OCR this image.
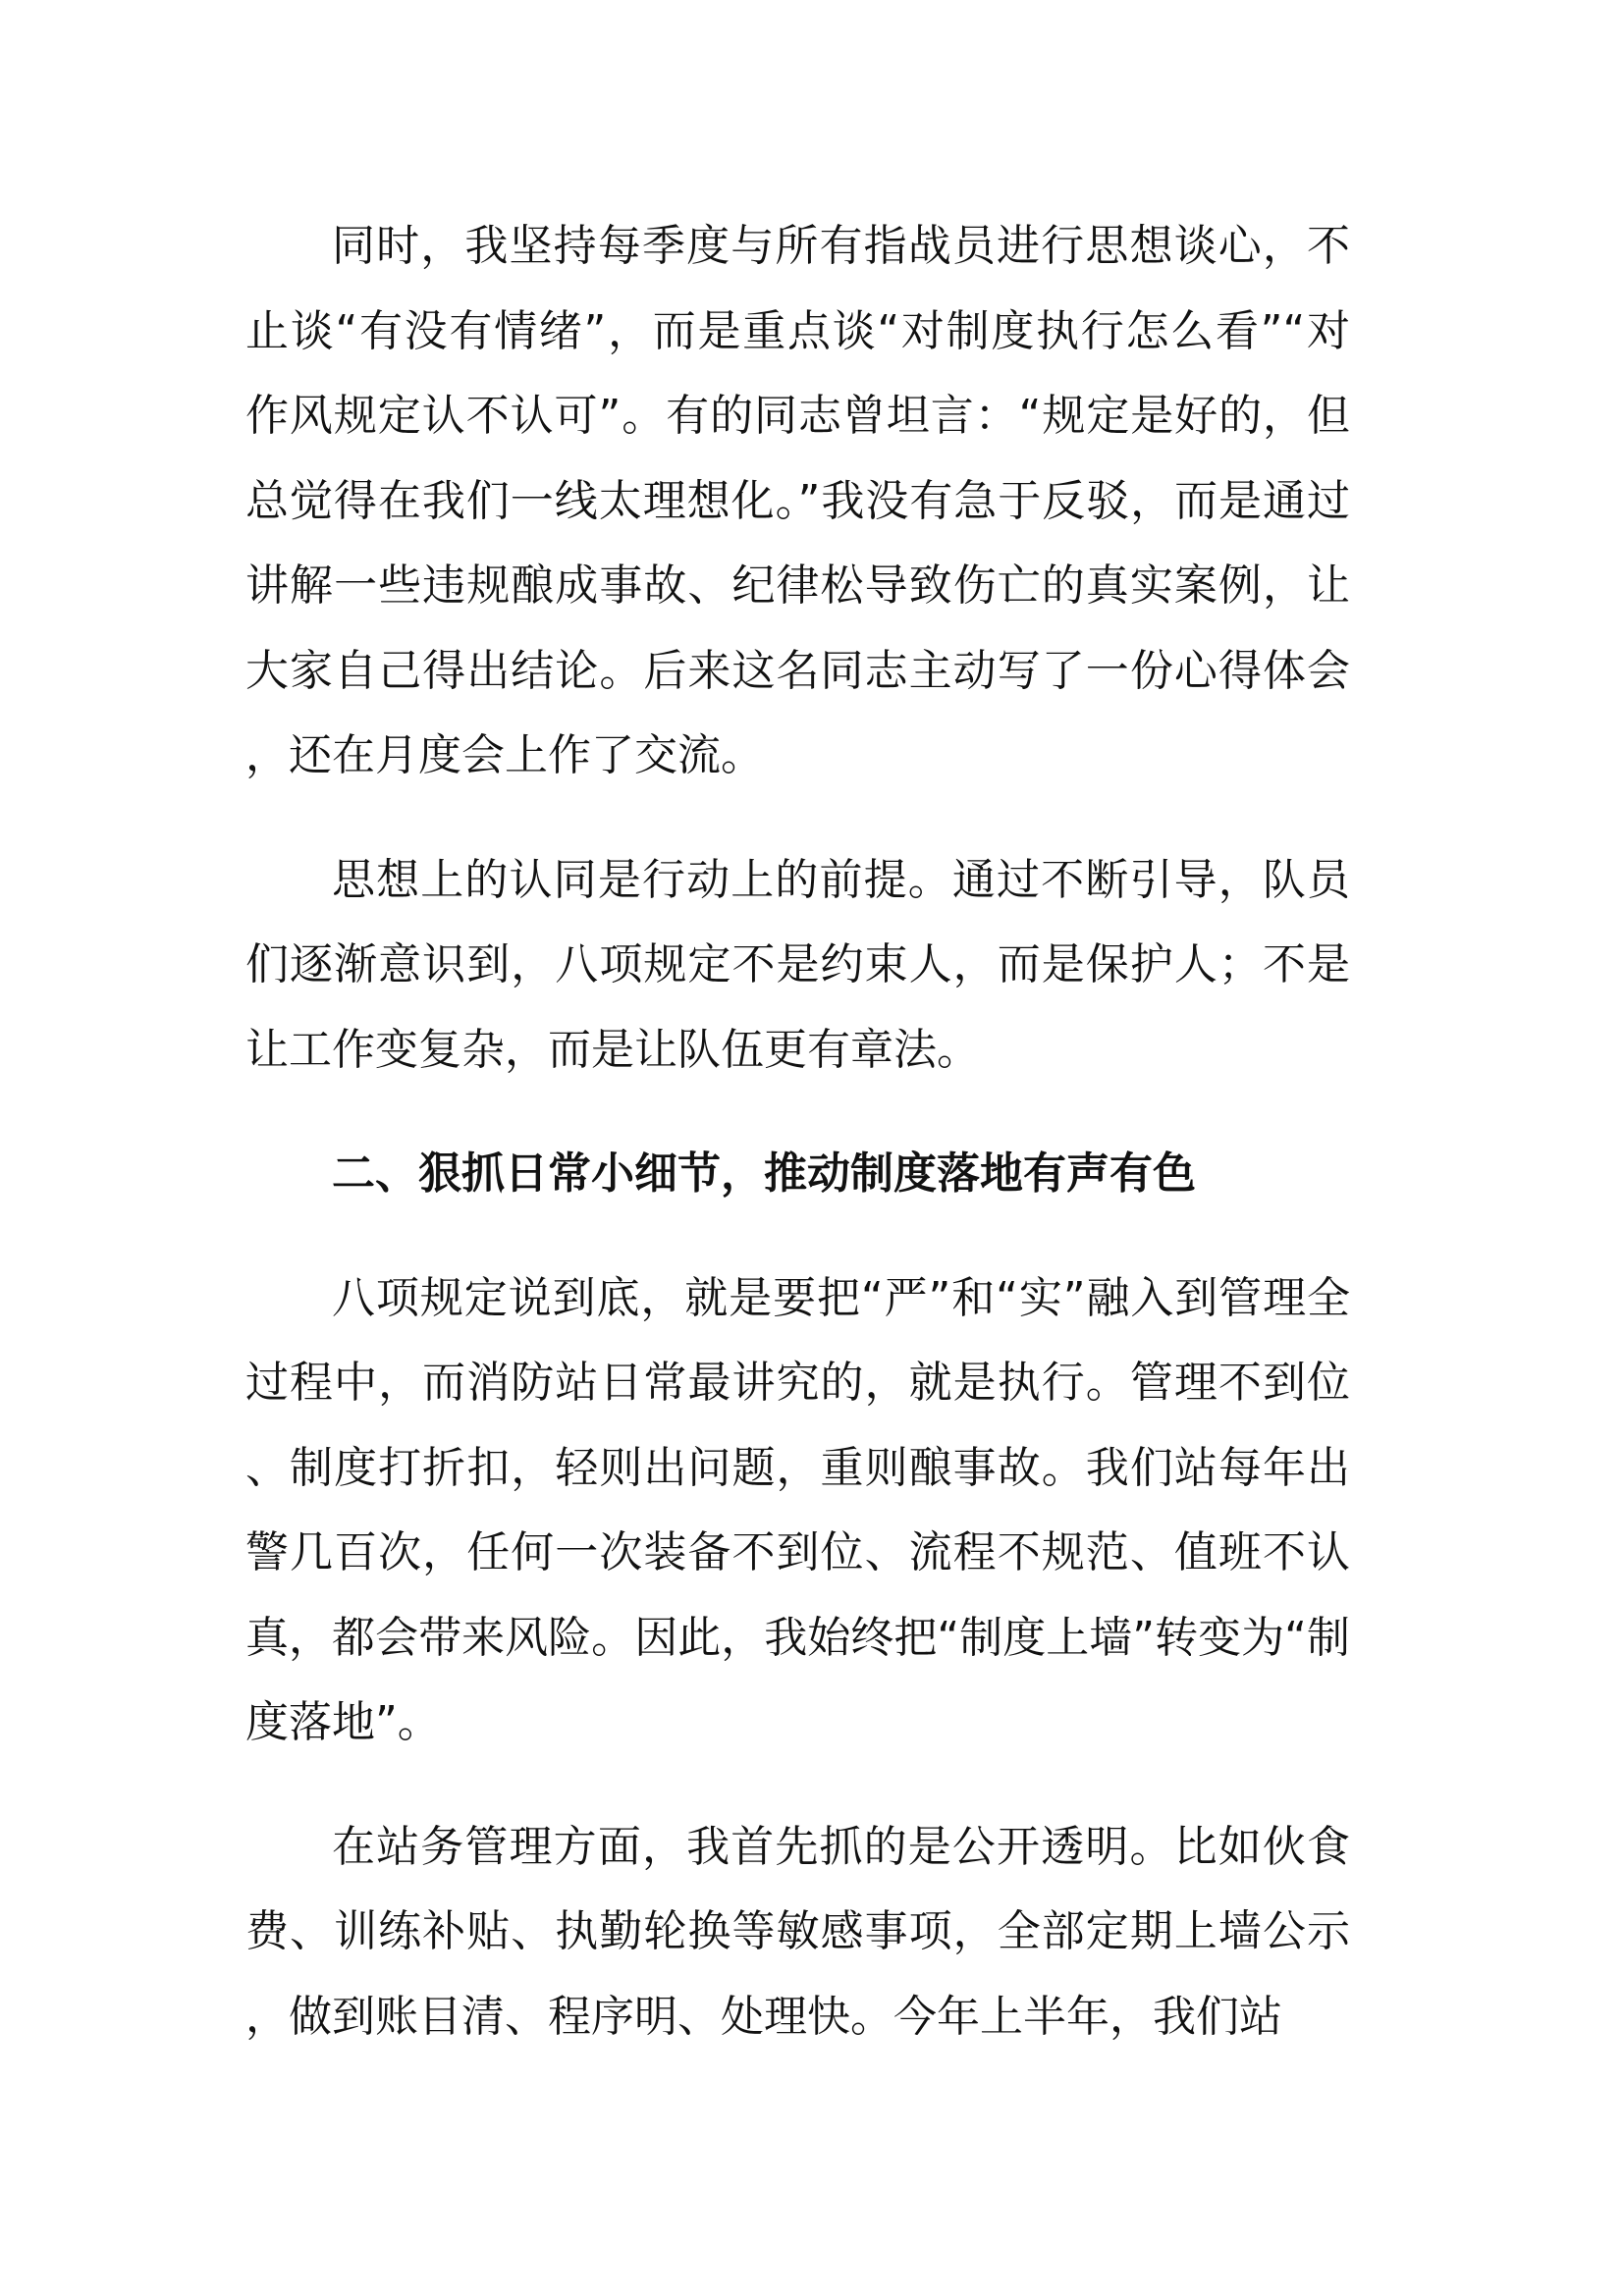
同时，我坚持每季度与所有指战员进行思想谈心，不止谈“有没有情绪”，而是重点谈“对制度执行怎么看”“对作风规定认不认可”。有的同志曾坦言：“规定是好的，但总觉得在我们一线太理想化。”我没有急于反驳，而是通过讲解一些违规酿成事故、纪律松导致伤亡的真实案例，让大家自己得出结论。后来这名同志主动写了一份心得体会，还在月度会上作了交流。

思想上的认同是行动上的前提。通过不断引导，队员们逐渐意识到，八项规定不是约束人，而是保护人；不是让工作变复杂，而是让队伍更有章法。

二、狠抓日常小细节，推动制度落地有声有色

八项规定说到底，就是要把“严”和“实”融入到管理全过程中，而消防站日常最讲究的，就是执行。管理不到位、制度打折扣，轻则出问题，重则酿事故。我们站每年出警几百次，任何一次装备不到位、流程不规范、值班不认真，都会带来风险。因此，我始终把“制度上墙”转变为“制度落地”。

在站务管理方面，我首先抓的是公开透明。比如伙食费、训练补贴、执勤轮换等敏感事项，全部定期上墙公示，做到账目清、程序明、处理快。今年上半年，我们站
